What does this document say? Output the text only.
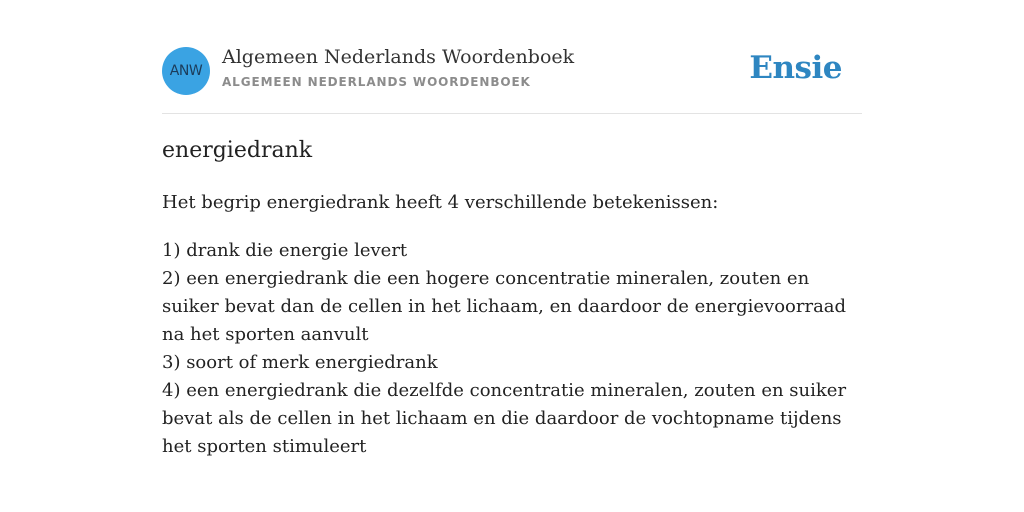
ANW
Algemeen Nederlands Woordenboek
ALGEMEEN NEDERLANDS WOORDENBOEK	Ensie
energiedrank
Het begrip energiedrank heeft 4 verschillende betekenissen:
1) drank die energie levert
2) een energiedrank die een hogere concentratie mineralen, zouten en suiker bevat dan de cellen in het lichaam, en daardoor de energievoorraad na het sporten aanvult
3) soort of merk energiedrank
4) een energiedrank die dezelfde concentratie mineralen, zouten en suiker bevat als de cellen in het lichaam en die daardoor de vochtopname tijdens het sporten stimuleert
